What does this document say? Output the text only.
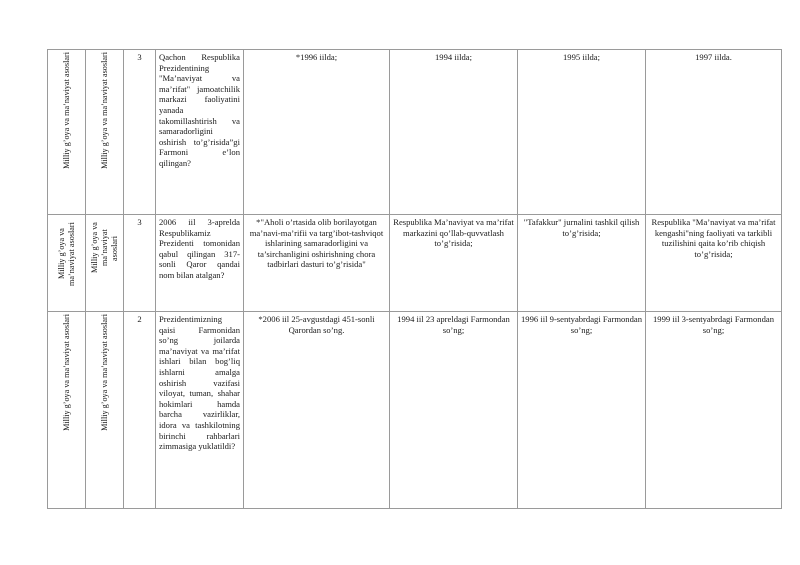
Milliy g’oya va ma’naviyat asoslari	Milliy g’oya va ma’naviyat asoslari	3	Qachon Respublika Prezidentining "Ma’naviyat va ma’rifat" jamoatchilik markazi faoliyatini yanada takomillashtirish va samaradorligini oshirish to’g’risida”gi Farmoni e’lon qilingan?	*1996 iilda;	1994 iilda;	1995 iilda;	1997 iilda.
Milliy g’oya va ma’naviyat asoslari	Milliy g’oya va ma’naviyat asoslari	3	2006 iil 3-aprelda Respublikamiz Prezidenti tomonidan qabul qilingan 317-sonli Qaror qandai nom bilan atalgan?	*"Aholi o’rtasida olib borilayotgan ma’navi-ma’rifii va targ’ibot-tashviqot ishlarining samaradorligini va ta’sirchanligini oshirishning chora tadbirlari dasturi to’g’risida"	Respublika Ma’naviyat va ma’rifat markazini qo’llab-quvvatlash to’g’risida;	"Tafakkur" jurnalini tashkil qilish to’g’risida;	Respublika "Ma’naviyat va ma’rifat kengashi"ning faoliyati va tarkibli tuzilishini qaita ko’rib chiqish to’g’risida;
Milliy g’oya va ma’naviyat asoslari	Milliy g’oya va ma’naviyat asoslari	2	Prezidentimizning qaisi Farmonidan so’ng joilarda ma’naviyat va ma’rifat ishlari bilan bog’liq ishlarni amalga oshirish vazifasi viloyat, tuman, shahar hokimlari hamda barcha vazirliklar, idora va tashkilotning birinchi rahbarlari zimmasiga yuklatildi?	*2006 iil 25-avgustdagi 451-sonli Qarordan so’ng.	1994 iil 23 apreldagi Farmondan so’ng;	1996 iil 9-sentyabrdagi Farmondan so’ng;	1999 iil 3-sentyabrdagi Farmondan so’ng;
